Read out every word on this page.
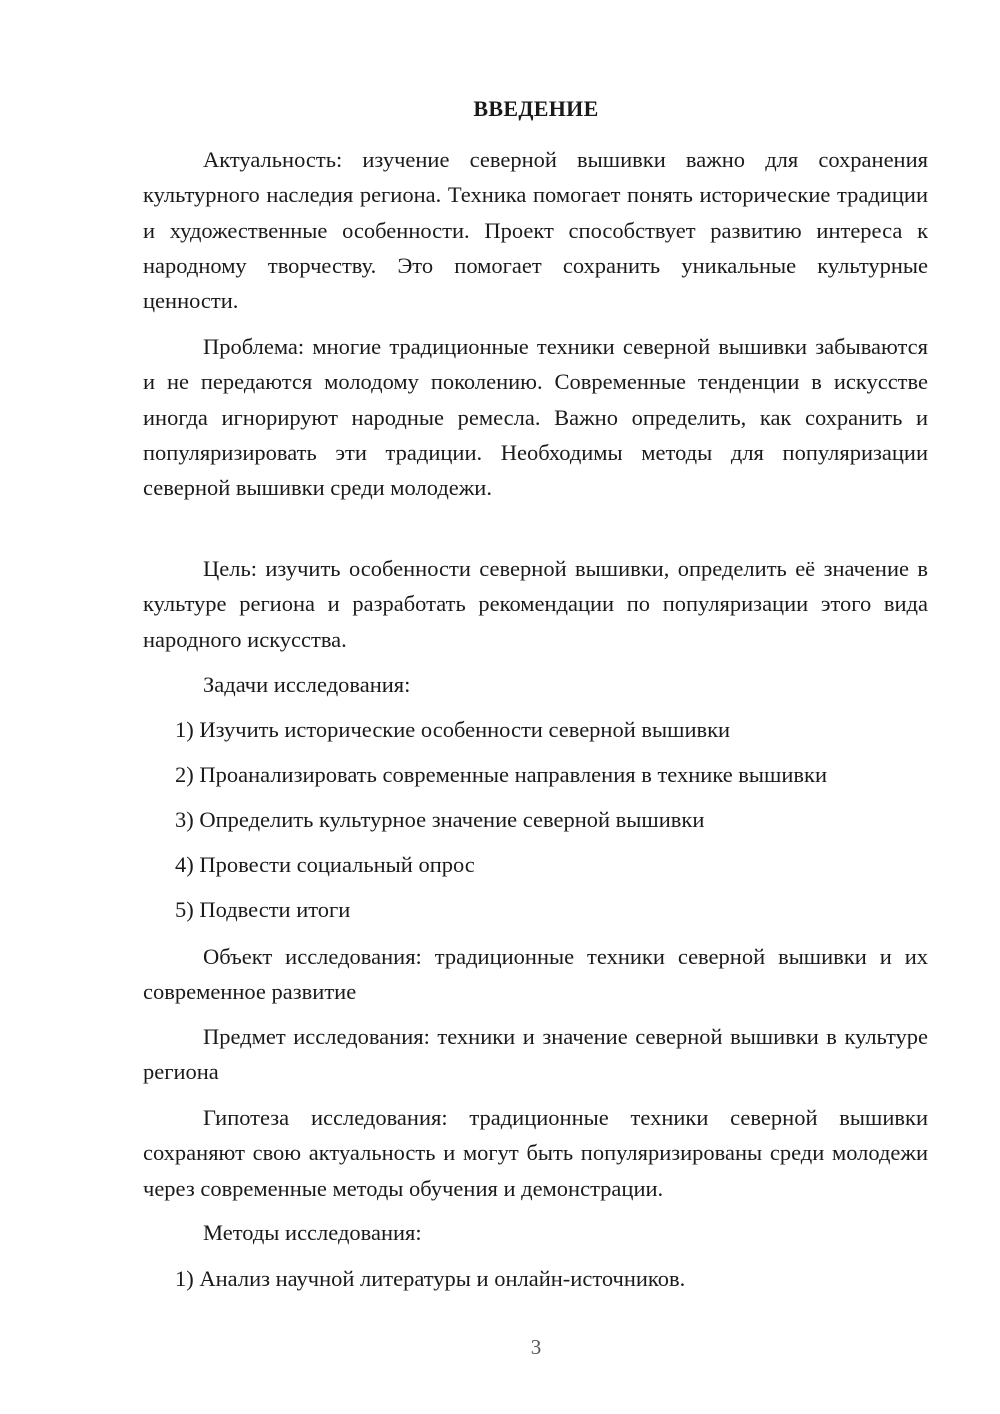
ВВЕДЕНИЕ

Актуальность: изучение северной вышивки важно для сохранения культурного наследия региона. Техника помогает понять исторические традиции и художественные особенности. Проект способствует развитию интереса к народному творчеству. Это помогает сохранить уникальные культурные ценности.

Проблема: многие традиционные техники северной вышивки забываются и не передаются молодому поколению. Современные тенденции в искусстве иногда игнорируют народные ремесла. Важно определить, как сохранить и популяризировать эти традиции. Необходимы методы для популяризации северной вышивки среди молодежи.

Цель: изучить особенности северной вышивки, определить её значение в культуре региона и разработать рекомендации по популяризации этого вида народного искусства.

Задачи исследования:

1) Изучить исторические особенности северной вышивки

2) Проанализировать современные направления в технике вышивки

3) Определить культурное значение северной вышивки

4) Провести социальный опрос

5) Подвести итоги

Объект исследования: традиционные техники северной вышивки и их современное развитие

Предмет исследования: техники и значение северной вышивки в культуре региона

Гипотеза исследования: традиционные техники северной вышивки сохраняют свою актуальность и могут быть популяризированы среди молодежи через современные методы обучения и демонстрации.

Методы исследования:

1) Анализ научной литературы и онлайн-источников.

3
